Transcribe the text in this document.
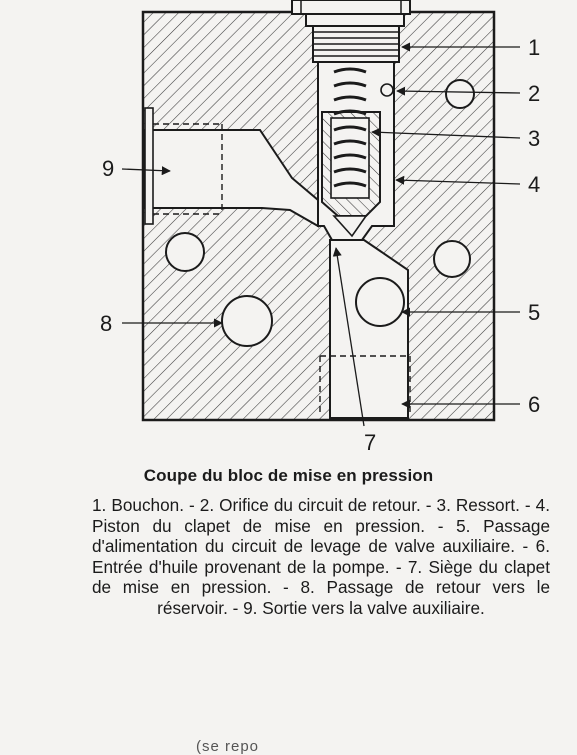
1
2
3
4
5
6
7
8
9
Coupe du bloc de mise en pression
1. Bouchon. - 2. Orifice du circuit de retour. - 3. Ressort. - 4. Piston du clapet de mise en pression. - 5. Passage d'alimentation du circuit de levage de valve auxiliaire. - 6. Entrée d'huile provenant de la pompe. - 7. Siège du clapet de mise en pression. - 8. Passage de retour vers le réservoir. - 9. Sortie vers la valve auxiliaire.
(se repo
